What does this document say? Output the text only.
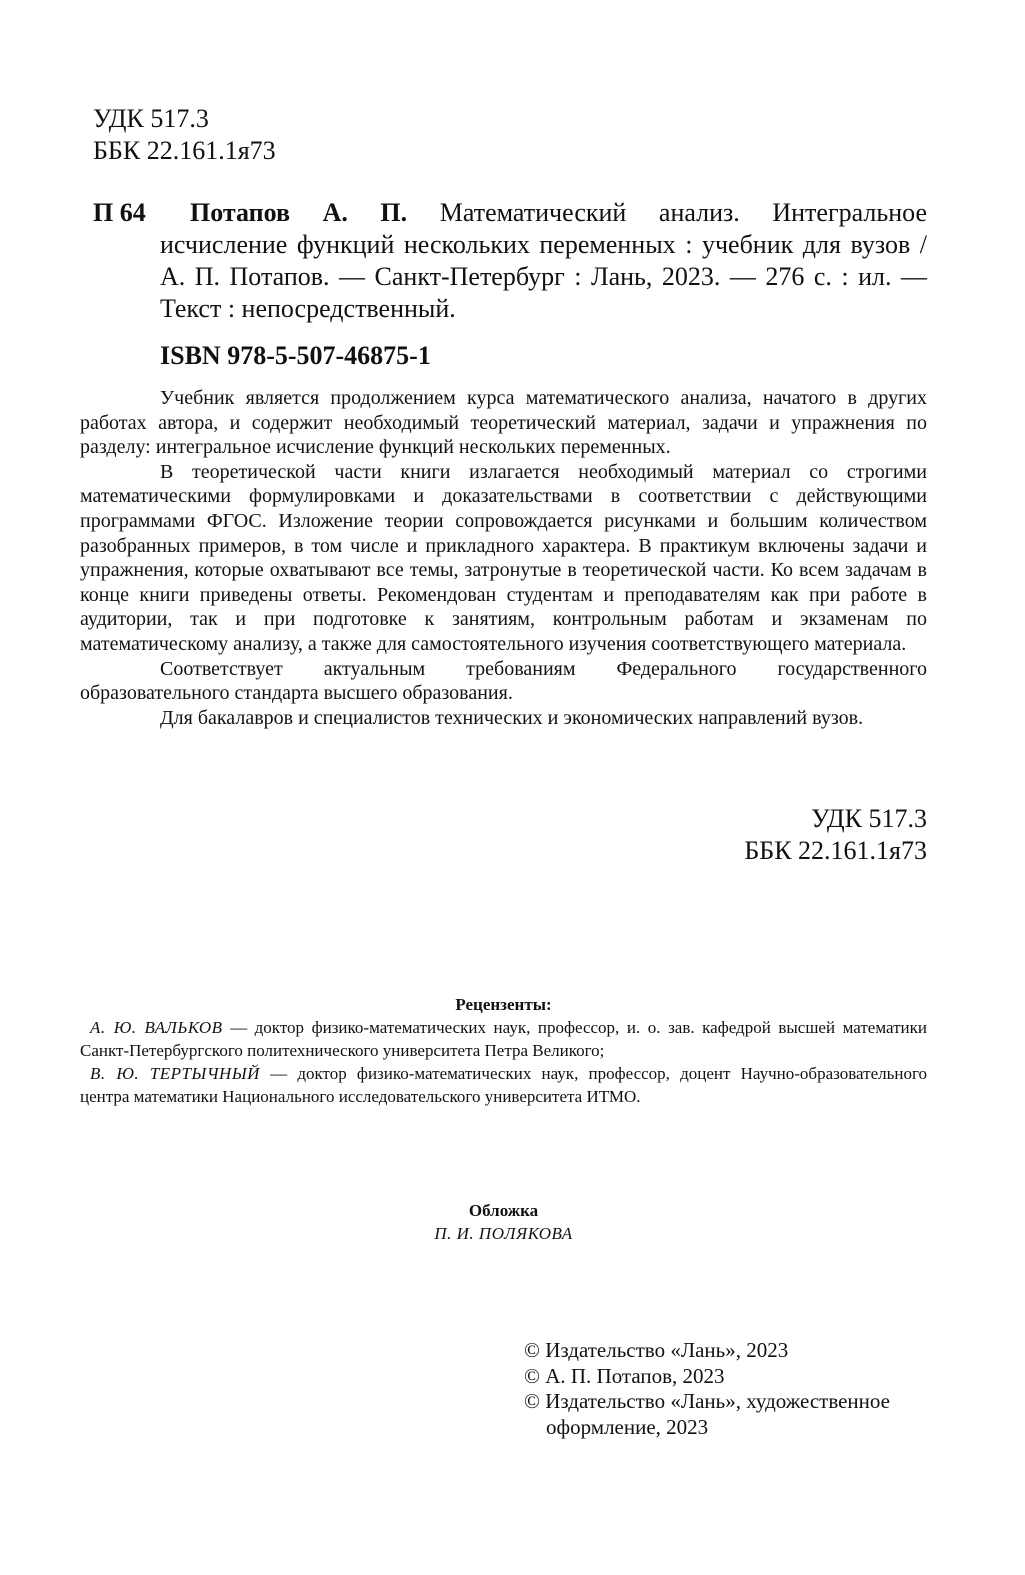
УДК 517.3
ББК 22.161.1я73
П 64	Потапов А. П. Математический анализ. Интегральное исчисление функций нескольких переменных : учебник для вузов / А. П. Потапов. — Санкт-Петербург : Лань, 2023. — 276 с. : ил. — Текст : непосредственный.
ISBN 978-5-507-46875-1

Учебник является продолжением курса математического анализа, начатого в других работах автора, и содержит необходимый теоретический материал, задачи и упражнения по разделу: интегральное исчисление функций нескольких переменных.

В теоретической части книги излагается необходимый материал со строгими математическими формулировками и доказательствами в соответствии с действующими программами ФГОС. Изложение теории сопровождается рисунками и большим количеством разобранных примеров, в том числе и прикладного характера. В практикум включены задачи и упражнения, которые охватывают все темы, затронутые в теоретической части. Ко всем задачам в конце книги приведены ответы. Рекомендован студентам и преподавателям как при работе в аудитории, так и при подготовке к занятиям, контрольным работам и экзаменам по математическому анализу, а также для самостоятельного изучения соответствующего материала.

Соответствует актуальным требованиям Федерального государственного образовательного стандарта высшего образования.

Для бакалавров и специалистов технических и экономических направлений вузов.

УДК 517.3
ББК 22.161.1я73
Рецензенты:

А. Ю. ВАЛЬКОВ — доктор физико-математических наук, профессор, и. о. зав. кафедрой высшей математики Санкт-Петербургского политехнического университета Петра Великого;

В. Ю. ТЕРТЫЧНЫЙ — доктор физико-математических наук, профессор, доцент Научно-образовательного центра математики Национального исследовательского университета ИТМО.

Обложка
П. И. ПОЛЯКОВА
© Издательство «Лань», 2023
© А. П. Потапов, 2023
© Издательство «Лань», художественное
оформление, 2023
